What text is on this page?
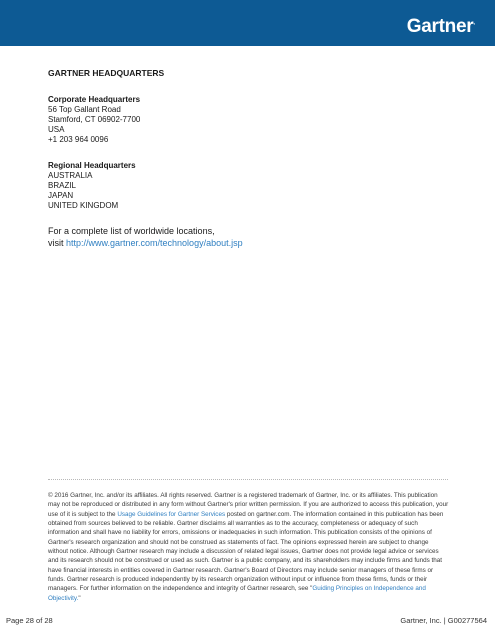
Gartner.

GARTNER HEADQUARTERS

Corporate Headquarters
56 Top Gallant Road
Stamford, CT 06902-7700
USA
+1 203 964 0096
Regional Headquarters
AUSTRALIA
BRAZIL
JAPAN
UNITED KINGDOM
For a complete list of worldwide locations,
visit http://www.gartner.com/technology/about.jsp
© 2016 Gartner, Inc. and/or its affiliates. All rights reserved. Gartner is a registered trademark of Gartner, Inc. or its affiliates. This publication may not be reproduced or distributed in any form without Gartner's prior written permission. If you are authorized to access this publication, your use of it is subject to the Usage Guidelines for Gartner Services posted on gartner.com. The information contained in this publication has been obtained from sources believed to be reliable. Gartner disclaims all warranties as to the accuracy, completeness or adequacy of such information and shall have no liability for errors, omissions or inadequacies in such information. This publication consists of the opinions of Gartner's research organization and should not be construed as statements of fact. The opinions expressed herein are subject to change without notice. Although Gartner research may include a discussion of related legal issues, Gartner does not provide legal advice or services and its research should not be construed or used as such. Gartner is a public company, and its shareholders may include firms and funds that have financial interests in entities covered in Gartner research. Gartner's Board of Directors may include senior managers of these firms or funds. Gartner research is produced independently by its research organization without input or influence from these firms, funds or their managers. For further information on the independence and integrity of Gartner research, see "Guiding Principles on Independence and Objectivity."
Page 28 of 28	Gartner, Inc. | G00277564
